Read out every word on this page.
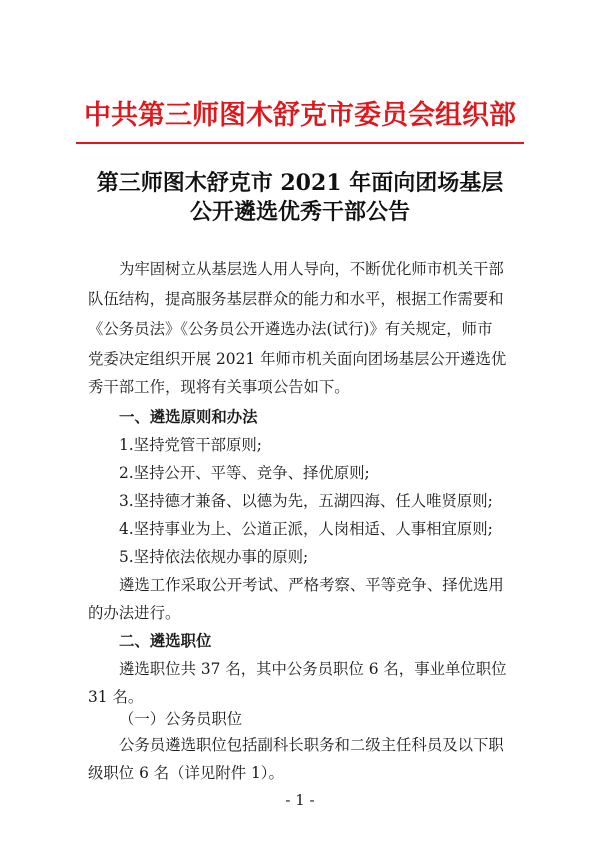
中共第三师图木舒克市委员会组织部
第三师图木舒克市 2021 年面向团场基层
公开遴选优秀干部公告
为牢固树立从基层选人用人导向，不断优化师市机关干部
队伍结构，提高服务基层群众的能力和水平，根据工作需要和
《公务员法》《公务员公开遴选办法(试行)》有关规定，师市
党委决定组织开展 2021 年师市机关面向团场基层公开遴选优
秀干部工作，现将有关事项公告如下。
一、遴选原则和办法
1.坚持党管干部原则;
2.坚持公开、平等、竞争、择优原则;
3.坚持德才兼备、以德为先，五湖四海、任人唯贤原则;
4.坚持事业为上、公道正派，人岗相适、人事相宜原则;
5.坚持依法依规办事的原则;
遴选工作采取公开考试、严格考察、平等竞争、择优选用
的办法进行。
二、遴选职位
遴选职位共 37 名，其中公务员职位 6 名，事业单位职位
31 名。
（一）公务员职位
- 1 -
公务员遴选职位包括副科长职务和二级主任科员及以下职
级职位 6 名（详见附件 1）。
